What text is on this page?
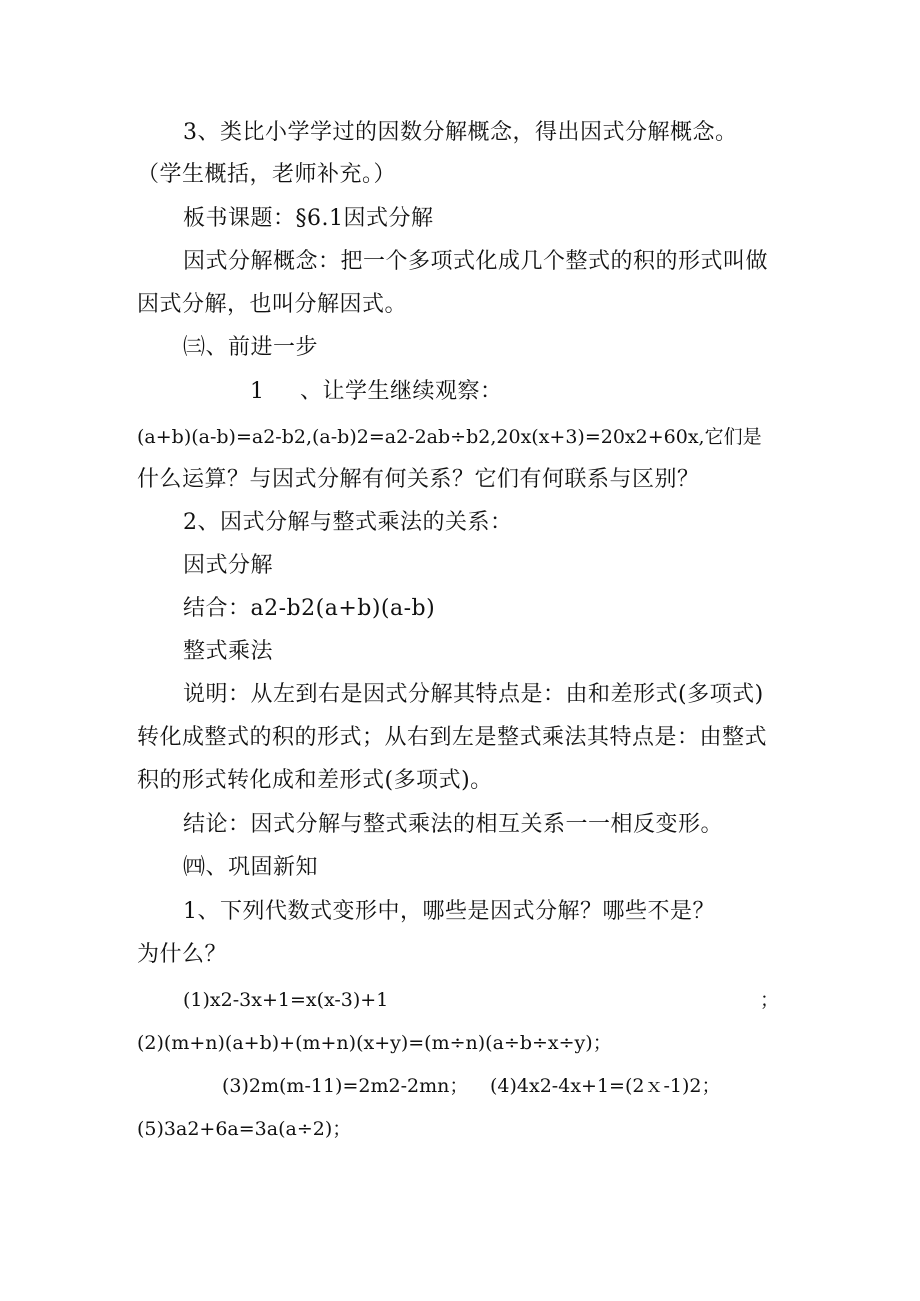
3、类比小学学过的因数分解概念，得出因式分解概念。
（学生概括，老师补充。）
板书课题：§6.1因式分解
因式分解概念：把一个多项式化成几个整式的积的形式叫做
因式分解，也叫分解因式。
㈢、前进一步
1 、让学生继续观察：
(a+b)(a-b)=a2-b2,(a-b)2=a2-2ab÷b2,20x(x+3)=20x2+60x,它们是
什么运算？与因式分解有何关系？它们有何联系与区别？
2、因式分解与整式乘法的关系：
因式分解
结合：a2-b2(a+b)(a-b)
整式乘法
说明：从左到右是因式分解其特点是：由和差形式(多项式)
转化成整式的积的形式；从右到左是整式乘法其特点是：由整式
积的形式转化成和差形式(多项式)。
结论：因式分解与整式乘法的相互关系一一相反变形。
㈣、巩固新知
1、下列代数式变形中，哪些是因式分解？哪些不是？
为什么？
(1)x2-3x+1=x(x-3)+1	；
(2)(m+n)(a+b)+(m+n)(x+y)=(m÷n)(a÷b÷x÷y)；
(3)2m(m-11)=2m2-2mn； (4)4x2-4x+1=(2ｘ-1)2；
(5)3a2+6a=3a(a÷2)；
